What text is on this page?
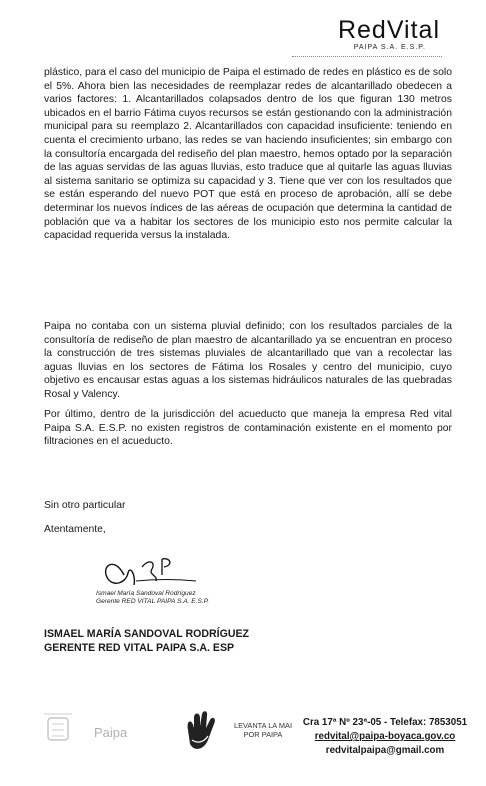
RedVital
PAIPA S.A. E.S.P.
plástico, para el caso del municipio de Paipa el estimado de redes en plástico es de solo el 5%. Ahora bien las necesidades de reemplazar redes de alcantarillado obedecen a varios factores: 1. Alcantarillados colapsados dentro de los que figuran 130 metros ubicados en el barrio Fátima cuyos recursos se están gestionando con la administración municipal para su reemplazo 2. Alcantarillados con capacidad insuficiente: teniendo en cuenta el crecimiento urbano, las redes se van haciendo insuficientes; sin embargo con la consultoría encargada del rediseño del plan maestro, hemos optado por la separación de las aguas servidas de las aguas lluvias, esto traduce que al quitarle las aguas lluvias al sistema sanitario se optimiza su capacidad y 3. Tiene que ver con los resultados que se están esperando del nuevo POT que está en proceso de aprobación, allí se debe determinar los nuevos índices de las aéreas de ocupación que determina la cantidad de población que va a habitar los sectores de los municipio esto nos permite calcular la capacidad requerida versus la instalada.
Paipa no contaba con un sistema pluvial definido; con los resultados parciales de la consultoría de rediseño de plan maestro de alcantarillado ya se encuentran en proceso la construcción de tres sistemas pluviales de alcantarillado que van a recolectar las aguas lluvias en los sectores de Fátima los Rosales y centro del municipio, cuyo objetivo es encausar estas aguas a los sistemas hidráulicos naturales de las quebradas Rosal y Valency.
Por último, dentro de la jurisdicción del acueducto que maneja la empresa Red vital Paipa S.A. E.S.P. no existen registros de contaminación existente en el momento por filtraciones en el acueducto.
Sin otro particular
Atentamente,
Ismael María Sandoval Rodríguez
Gerente RED VITAL PAIPA S.A. E.S.P.
ISMAEL MARÍA SANDOVAL RODRÍGUEZ
GERENTE RED VITAL PAIPA S.A. ESP
Paipa	LEVANTA LA MAI
POR PAIPA
Cra 17ª Nº 23ª-05 - Telefax: 7853051
redvital@paipa-boyaca.gov.co
redvitalpaipa@gmail.com
